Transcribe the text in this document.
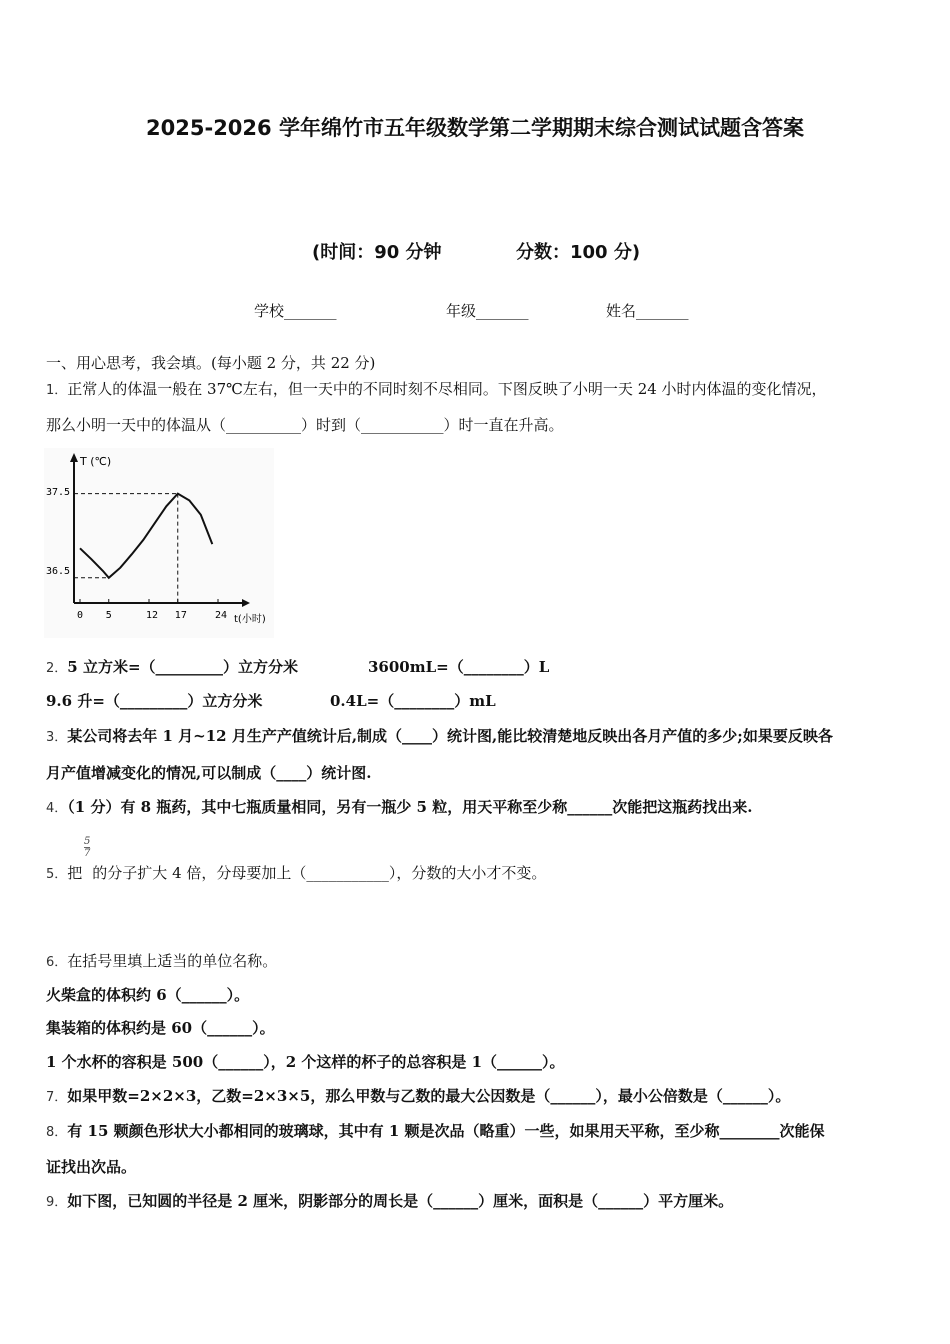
2025-2026 学年绵竹市五年级数学第二学期期末综合测试试题含答案
(时间：90 分钟	分数：100 分)
学校_______	年级_______	姓名_______
一、用心思考，我会填。(每小题 2 分，共 22 分)
1．正常人的体温一般在 37℃左右，但一天中的不同时刻不尽相同。下图反映了小明一天 24 小时内体温的变化情况，
那么小明一天中的体温从（__________）时到（___________）时一直在升高。
T (℃)
t(小时)
37.5
36.5
0 5	12 17	24
2．5 立方米=（_________）立方分米	3600mL=（________）L
9.6 升=（_________）立方分米	0.4L=（________）mL
3．某公司将去年 1 月~12 月生产产值统计后,制成（____）统计图,能比较清楚地反映出各月产值的多少;如果要反映各
月产值增减变化的情况,可以制成（____）统计图.
4．（1 分）有 8 瓶药，其中七瓶质量相同，另有一瓶少 5 粒，用天平称至少称______次能把这瓶药找出来.
$\frac{5}{7}$
5．把 的分子扩大 4 倍，分母要加上（___________），分数的大小才不变。
6．在括号里填上适当的单位名称。
火柴盒的体积约 6（______）。
集装箱的体积约是 60（______）。
1 个水杯的容积是 500（______），2 个这样的杯子的总容积是 1（______）。
7．如果甲数=2×2×3，乙数=2×3×5，那么甲数与乙数的最大公因数是（______），最小公倍数是（______）。
8．有 15 颗颜色形状大小都相同的玻璃球，其中有 1 颗是次品（略重）一些，如果用天平称，至少称________次能保
证找出次品。
9．如下图，已知圆的半径是 2 厘米，阴影部分的周长是（______）厘米，面积是（______）平方厘米。
